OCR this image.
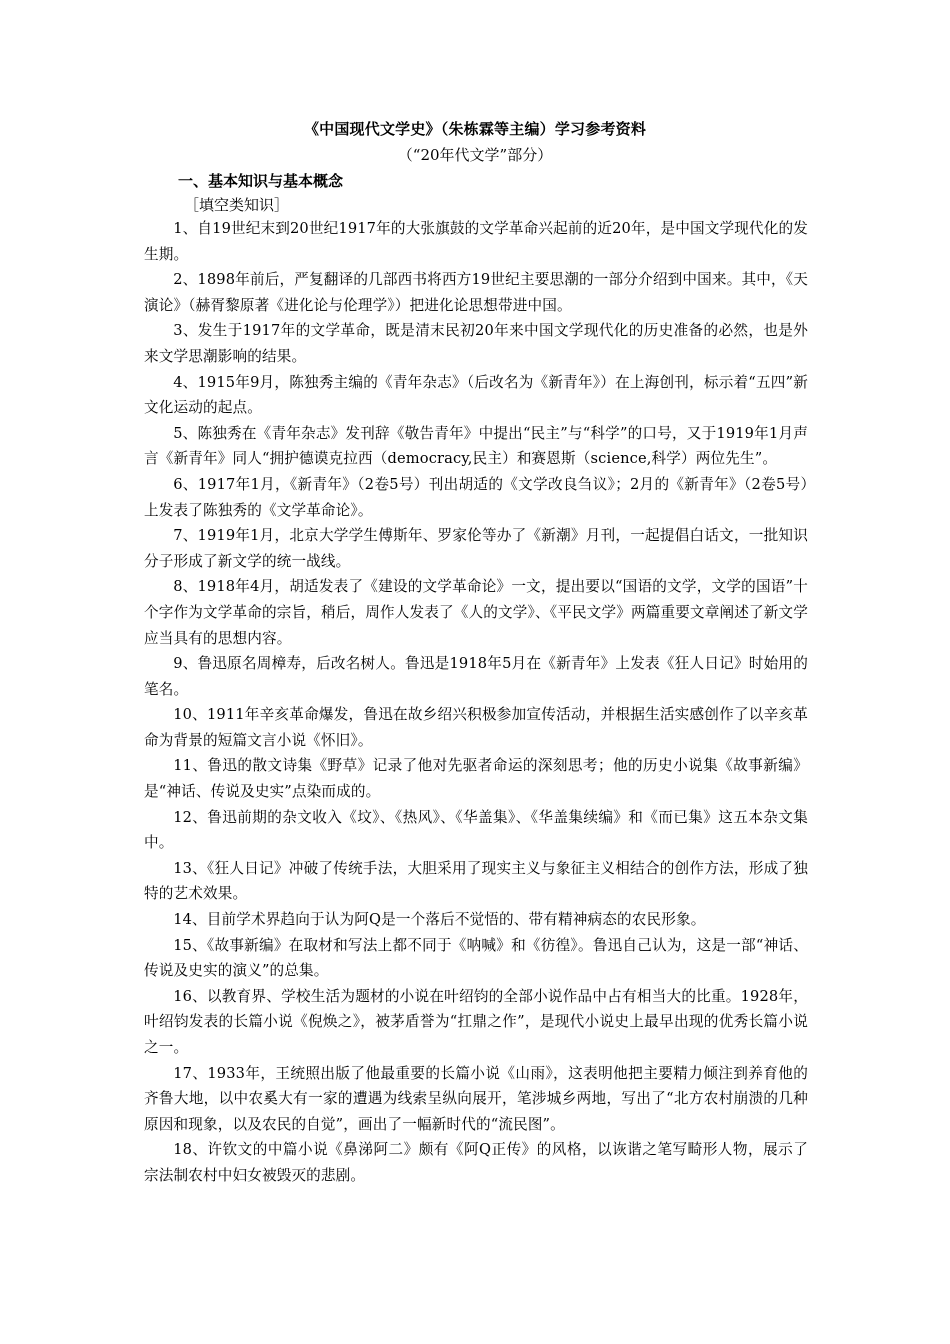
《中国现代文学史》（朱栋霖等主编）学习参考资料
（“20年代文学”部分）
一、基本知识与基本概念
［填空类知识］

1、自19世纪末到20世纪1917年的大张旗鼓的文学革命兴起前的近20年，是中国文学现代化的发生期。

2、1898年前后，严复翻译的几部西书将西方19世纪主要思潮的一部分介绍到中国来。其中，《天演论》（赫胥黎原著《进化论与伦理学》）把进化论思想带进中国。

3、发生于1917年的文学革命，既是清末民初20年来中国文学现代化的历史准备的必然，也是外来文学思潮影响的结果。

4、1915年9月，陈独秀主编的《青年杂志》（后改名为《新青年》）在上海创刊，标示着“五四”新文化运动的起点。

5、陈独秀在《青年杂志》发刊辞《敬告青年》中提出“民主”与“科学”的口号，又于1919年1月声言《新青年》同人“拥护德谟克拉西（democracy,民主）和赛恩斯（science,科学）两位先生”。

6、1917年1月，《新青年》（2卷5号）刊出胡适的《文学改良刍议》；2月的《新青年》（2卷5号）上发表了陈独秀的《文学革命论》。

7、1919年1月，北京大学学生傅斯年、罗家伦等办了《新潮》月刊，一起提倡白话文，一批知识分子形成了新文学的统一战线。

8、1918年4月，胡适发表了《建设的文学革命论》一文，提出要以“国语的文学，文学的国语”十个字作为文学革命的宗旨，稍后，周作人发表了《人的文学》、《平民文学》两篇重要文章阐述了新文学应当具有的思想内容。

9、鲁迅原名周樟寿，后改名树人。鲁迅是1918年5月在《新青年》上发表《狂人日记》时始用的笔名。

10、1911年辛亥革命爆发，鲁迅在故乡绍兴积极参加宣传活动，并根据生活实感创作了以辛亥革命为背景的短篇文言小说《怀旧》。

11、鲁迅的散文诗集《野草》记录了他对先驱者命运的深刻思考；他的历史小说集《故事新编》是“神话、传说及史实”点染而成的。

12、鲁迅前期的杂文收入《坟》、《热风》、《华盖集》、《华盖集续编》和《而已集》这五本杂文集中。

13、《狂人日记》冲破了传统手法，大胆采用了现实主义与象征主义相结合的创作方法，形成了独特的艺术效果。

14、目前学术界趋向于认为阿Q是一个落后不觉悟的、带有精神病态的农民形象。

15、《故事新编》在取材和写法上都不同于《呐喊》和《彷徨》。鲁迅自己认为，这是一部“神话、传说及史实的演义”的总集。

16、以教育界、学校生活为题材的小说在叶绍钧的全部小说作品中占有相当大的比重。1928年，叶绍钧发表的长篇小说《倪焕之》，被茅盾誉为“扛鼎之作”，是现代小说史上最早出现的优秀长篇小说之一。

17、1933年，王统照出版了他最重要的长篇小说《山雨》，这表明他把主要精力倾注到养育他的齐鲁大地，以中农奚大有一家的遭遇为线索呈纵向展开，笔涉城乡两地，写出了“北方农村崩溃的几种原因和现象，以及农民的自觉”，画出了一幅新时代的“流民图”。

18、许钦文的中篇小说《鼻涕阿二》颇有《阿Q正传》的风格，以诙谐之笔写畸形人物，展示了宗法制农村中妇女被毁灭的悲剧。
